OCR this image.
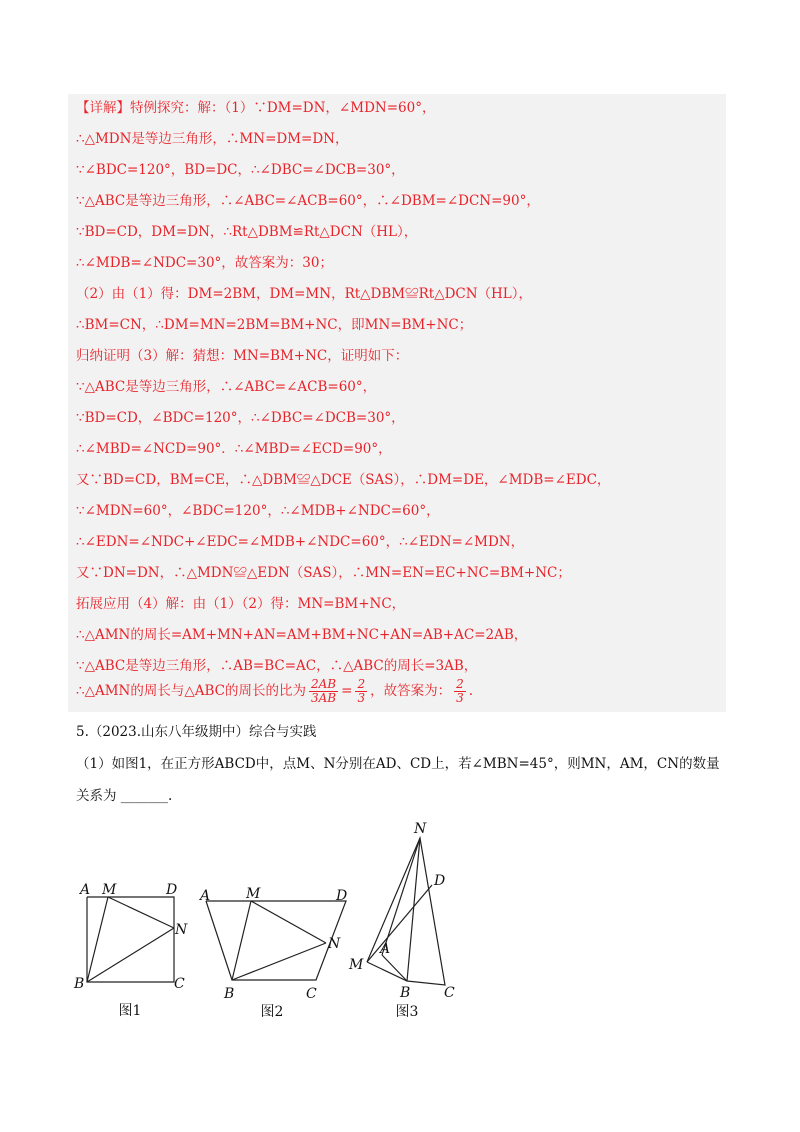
【详解】特例探究：解：（1）∵DM=DN，∠MDN=60°，
∴△MDN是等边三角形，∴MN=DM=DN，
∵∠BDC=120°，BD=DC，∴∠DBC=∠DCB=30°，
∵△ABC是等边三角形，∴∠ABC=∠ACB=60°，∴∠DBM=∠DCN=90°，
∵BD=CD，DM=DN，∴Rt△DBM≌Rt△DCN（HL），
∴∠MDB=∠NDC=30°，故答案为：30；
（2）由（1）得：DM=2BM，DM=MN，Rt△DBM≌Rt△DCN（HL），
∴BM=CN，∴DM=MN=2BM=BM+NC，即MN=BM+NC；
归纳证明（3）解：猜想：MN=BM+NC，证明如下：
∵△ABC是等边三角形，∴∠ABC=∠ACB=60°，
∵BD=CD，∠BDC=120°，∴∠DBC=∠DCB=30°，
∴∠MBD=∠NCD=90°．∴∠MBD=∠ECD=90°，
又∵BD=CD，BM=CE，∴△DBM≌△DCE（SAS），∴DM=DE，∠MDB=∠EDC，
∵∠MDN=60°，∠BDC=120°，∴∠MDB+∠NDC=60°，
∴∠EDN=∠NDC+∠EDC=∠MDB+∠NDC=60°，∴∠EDN=∠MDN，
又∵DN=DN，∴△MDN≌△EDN（SAS），∴MN=EN=EC+NC=BM+NC；
拓展应用（4）解：由（1）（2）得：MN=BM+NC，
∴△AMN的周长=AM+MN+AN=AM+BM+NC+AN=AB+AC=2AB，
∵△ABC是等边三角形，∴AB=BC=AC，∴△ABC的周长=3AB，
∴△AMN的周长与△ABC的周长的比为 $\frac{2AB}{3AB} = \frac{2}{3}$ ，故答案为： $\frac{2}{3}$ .
5.（2023.山东八年级期中）综合与实践
（1）如图1，在正方形ABCD中，点M、N分别在AD、CD上，若∠MBN=45°，则MN，AM，CN的数量
关系为 _______.
A M	D
N
B	C
图1
A	M	D
N
B	C
图2
N
D
A
M
B C
图3
